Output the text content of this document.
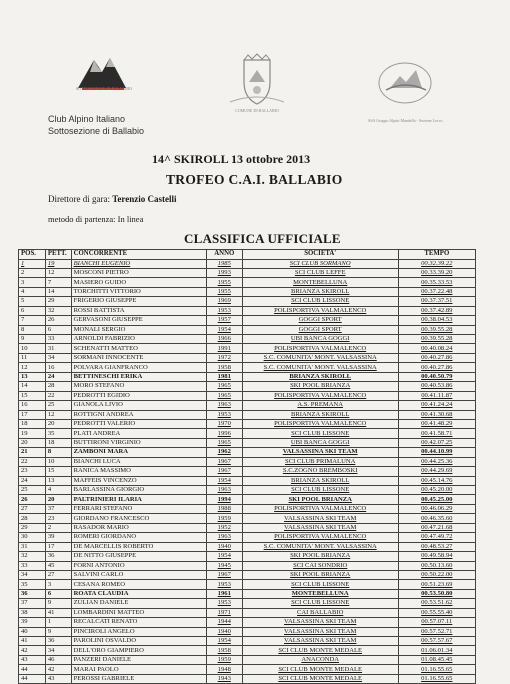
SOTTOSEZIONE DI BALLABIO
COMUNE DI BALLABIO
ASA Gruppo Alpini Mandello - Sezione Lecco
Club Alpino Italiano
Sottosezione di Ballabio
14^ SKIROLL 13 ottobre 2013
TROFEO C.A.I. BALLABIO
Direttore di gara: Terenzio Castelli
metodo di partenza: In linea
CLASSIFICA UFFICIALE
POS.	PETT.	CONCORRENTE	ANNO	SOCIETA'	TEMPO
1	19	BIANCHI EUGENIO	1985	SCI CLUB SORMANO	00.32.39.22
2	12	MOSCONI PIETRO	1993	SCI CLUB LEFFE	00.33.39.20
3	7	MASIERO GUIDO	1955	MONTEBELLUNA	00.35.33.53
4	14	TORCHITTI VITTORIO	1955	BRIANZA SKIROLL	00.37.22.48
5	29	FRIGERIO GIUSEPPE	1969	SCI CLUB LISSONE	00.37.37.51
6	32	ROSSI BATTISTA	1953	POLISPORTIVA VALMALENCO	00.37.42.89
7	26	GERVASONI GIUSEPPE	1957	GOGGI SPORT	00.38.04.53
8	6	MONALI SERGIO	1954	GOGGI SPORT	00.39.55.28
9	33	ARNOLDI FABRIZIO	1966	UBI BANCA GOGGI	00.39.55.28
10	31	SCHENATTI MATTEO	1991	POLISPORTIVA VALMALENCO	00.40.08.24
11	34	SORMANI INNOCENTE	1972	S.C. COMUNITA' MONT. VALSASSINA	00.40.27.86
12	16	POLVARA GIANFRANCO	1958	S.C. COMUNITA' MONT. VALSASSINA	00.40.27.86
13	24	BETTINESCHI ERIKA	1981	BRIANZA SKIROLL	00.40.50.79
14	28	MORO STEFANO	1965	SKI POOL BRIANZA	00.40.53.86
15	22	PEDROTTI EGIDIO	1965	POLISPORTIVA VALMALENCO	00.41.11.87
16	25	GIANOLA LIVIO	1963	A.S. PREMANA	00.41.24.24
17	12	ROTTIGNI ANDREA	1953	BRIANZA SKIROLL	00.41.30.68
18	20	PEDROTTI VALERIO	1970	POLISPORTIVA VALMALENCO	00.41.48.29
19	35	PLATI ANDREA	1996	SCI CLUB LISSONE	00.41.58.71
20	18	BUTTIRONI VIRGINIO	1965	UBI BANCA GOGGI	00.42.07.25
21	8	ZAMBONI MARA	1962	VALSASSINA SKI TEAM	00.44.10.99
22	10	BIANCHI LUCA	1967	SCI CLUB PRIMALUNA	00.44.25.36
23	15	RANICA MASSIMO	1967	S.C.ZOGNO BREMBOSKI	00.44.29.69
24	13	MAFFEIS VINCENZO	1954	BRIANZA SKIROLL	00.45.14.76
25	4	BARLASSINA GIORGIO	1963	SCI CLUB LISSONE	00.45.20.00
26	20	PALTRINIERI ILARIA	1994	SKI POOL BRIANZA	00.45.25.00
27	37	FERRARI STEFANO	1988	POLISPORTIVA VALMALENCO	00.46.06.29
28	23	GIORDANO FRANCESCO	1959	VALSASSINA SKI TEAM	00.46.35.60
29	2	RASADOR MARIO	1952	VALSASSINA SKI TEAM	00.47.21.68
30	39	ROMERI GIORDANO	1963	POLISPORTIVA VALMALENCO	00.47.49.72
31	17	DE MARCELLIS ROBERTO	1940	S.C. COMUNITA' MONT. VALSASSINA	00.48.53.27
32	36	DE NITTO GIUSEPPE	1954	SKI POOL BRIANZA	00.49.58.94
33	45	FORNI ANTONIO	1945	SCI CAI SONDRIO	00.50.13.60
34	27	SALVINI CARLO	1967	SKI POOL BRIANZA	00.50.22.00
35	3	CESANA ROMEO	1953	SCI CLUB LISSONE	00.51.23.69
36	6	ROATA CLAUDIA	1961	MONTEBELLUNA	00.53.50.80
37	9	ZULIAN DANIELE	1953	SCI CLUB LISSONE	00.53.51.62
38	41	LOMBARDINI MATTEO	1971	CAI BALLABIO	00.55.55.40
39	1	RECALCATI RENATO	1944	VALSASSINA SKI TEAM	00.57.07.11
40	9	PINCIROLI ANGELO	1940	VALSASSINA SKI TEAM	00.57.52.71
41	36	PAROLINI OSVALDO	1954	VALSASSINA SKI TEAM	00.57.57.67
42	34	DELL'ORO GIAMPIERO	1958	SCI CLUB MONTE MEDALE	01.06.01.34
43	46	PANZERI DANIELE	1959	ANACONDA	01.08.45.45
44	42	MARAI PAOLO	1948	SCI CLUB MONTE MEDALE	01.16.55.65
44	43	PEROSSI GABRIELE	1943	SCI CLUB MONTE MEDALE	01.16.55.65
